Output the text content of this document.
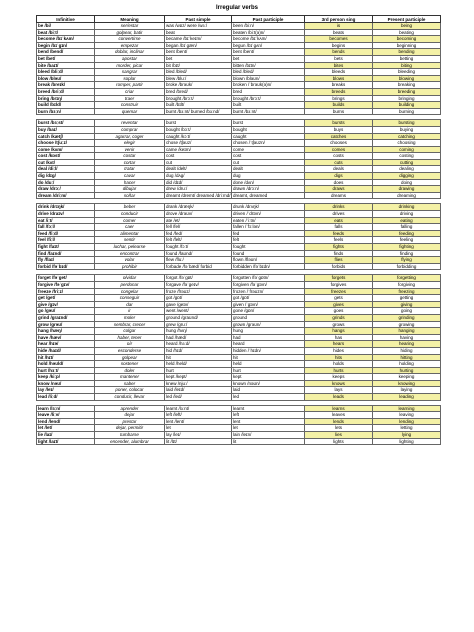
Irregular verbs
Infinitive	Meaning	Past simple	Past participle	3rd person sing	Present participle
be /bi/	ser/estar	was /wɒz/ were /wɜː/	been /biːn/	is	being
beat /biːt/	golpear, batir	beat	beaten /biːt(ə)n/	beats	beating
become /bɪˈkʌm/	convertirse	became /bɪˈkeɪm/	become /bɪˈkʌm/	becomes	becoming
begin /bɪˈgɪn/	empezar	began /bɪˈgæn/	begun /bɪˈgʌn/	begins	beginning
bend /bend/	doblar, inclinar	bent /bent/	bent /bent/	bends	bending
bet /bet/	apostar	bet	bet	bets	betting
bite /baɪt/	morder, picar	bit /bɪt/	bitten /bɪtn/	bites	biting
bleed /bliːd/	sangrar	bled /bled/	bled /bled/	bleeds	bleeding
blow /bləʊ/	soplar	blew /bluː/	blown /bləʊn/	blows	blowing
break /breɪk/	romper, partir	broke /brəʊk/	broken /ˈbrəʊk(ə)n/	breaks	breaking
breed /briːd/	criar	bred /bred/	bred	breeds	breeding
bring /brɪŋ/	traer	brought /brɔːt/	brought /brɔːt/	brings	bringing
build /bɪld/	construir	built /bɪlt/	built	builds	building
burn /bɜːn/	quemar	burnt /bɜːnt/ burned /bɜːnd/	burnt /bɜːnt/	burns	burning

burst /bɜːst/	reventar	burst	burst	bursts	bursting
buy /baɪ/	comprar	bought /bɔːt/	bought	buys	buying
catch /kætʃ/	agarrar, coger	caught /kɔːt/	caught	catches	catching
choose /tʃuːz/	elegir	chose /tʃəʊz/	chosen /ˈtʃəʊzn/	chooses	choosing
come /kʌm/	venir	came /keɪm/	come	comes	coming
cost /kɒst/	costar	cost	cost	costs	costing
cut /kʌt/	cortar	cut	cut	cuts	cutting
deal /diːl/	tratar	dealt /delt/	dealt	deals	dealing
dig /dɪg/	cavar	dug /dʌg/	dug	digs	digging
do /duː/	hacer	did /dɪd/	done /dʌn/	does	doing
draw /drɔː/	dibujar	drew /druː/	drawn /drɔːn/	draws	drawing
dream /driːm/	soñar	dreamt /dremt/ dreamed /driːmd/	dreamt, dreamed	dreams	dreaming

drink /drɪŋk/	beber	drank /dræŋk/	drunk /drʌŋk/	drinks	drinking
drive /draɪv/	conducir	drove /drəʊv/	driven /ˈdrɪvn/	drives	driving
eat /iːt/	comer	ate /et/	eaten /ˈiːtn/	eats	eating
fall /fɔːl/	caer	fell /fel/	fallen /ˈfɔːlən/	falls	falling
feed /fiːd/	alimentar	fed /fed/	fed	feeds	feeding
feel /fiːl/	sentir	felt /felt/	felt	feels	feeling
fight /faɪt/	luchar, pelearse	fought /fɔːt/	fought	fights	fighting
find /faɪnd/	encontrar	found /faʊnd/	found	finds	finding
fly /flaɪ/	volar	flew /fluː/	flown /fləʊn/	flies	flying
forbid /fəˈbɪd/	prohibir	forbade /fəˈbæd/ forbid	forbidden /fəˈbɪdn/	forbids	forbidding

forget /fəˈget/	olvidar	forgot /fəˈgɒt/	forgotten /fəˈgɒtn/	forgets	forgetting
forgive /fəˈgɪv/	perdonar	forgave /fəˈgeɪv/	forgiven /fəˈgɪvn/	forgives	forgiving
freeze /friːz/	congelar	froze /frəʊz/	frozen /ˈfrəʊzn/	freezes	freezing
get /get/	conseguir	got /gɒt/	got /gɒt/	gets	getting
give /gɪv/	dar	gave /geɪv/	given /ˈgɪvn/	gives	giving
go /gəʊ/	ir	went /went/	gone /gɒn/	goes	going
grind /graɪnd/	moler	ground /graʊnd/	ground	grinds	grinding
grow /grəʊ/	sembrar, crecer	grew /gruː/	grown /grəʊn/	grows	growing
hang /hæŋ/	colgar	hung /hʌŋ/	hung	hangs	hanging
have /hæv/	haber, tener	had /hæd/	had	has	having
hear /hɪə/	oír	heard /hɜːd/	heard	hears	hearing
hide /haɪd/	esconderse	hid /hɪd/	hidden /ˈhɪdn/	hides	hiding
hit /hɪt/	golpear	hit	hit	hits	hitting
hold /həʊld/	sostener	held /held/	held	holds	holding
hurt /hɜːt/	doler	hurt	hurt	hurts	hurting
keep /kiːp/	mantener	kept /kept/	kept	keeps	keeping
know /nəʊ/	saber	knew /njuː/	known /nəʊn/	knows	knowing
lay /leɪ/	poner, colocar	laid /leɪd/	laid	lays	laying
lead /liːd/	conducir, llevar	led /led/	led	leads	leading

learn /lɜːn/	aprender	learnt /lɜːnt/	learnt	learns	learning
leave /liːv/	dejar	left /left/	left	leaves	leaving
lend /lend/	prestar	lent /lent/	lent	lends	lending
let /let/	dejar, permitir	let	let	lets	letting
lie /laɪ/	tumbarse	lay /leɪ/	lain /leɪn/	lies	lying
light /laɪt/	encender, alumbrar	lit /lɪt/	lit	lights	lighting
